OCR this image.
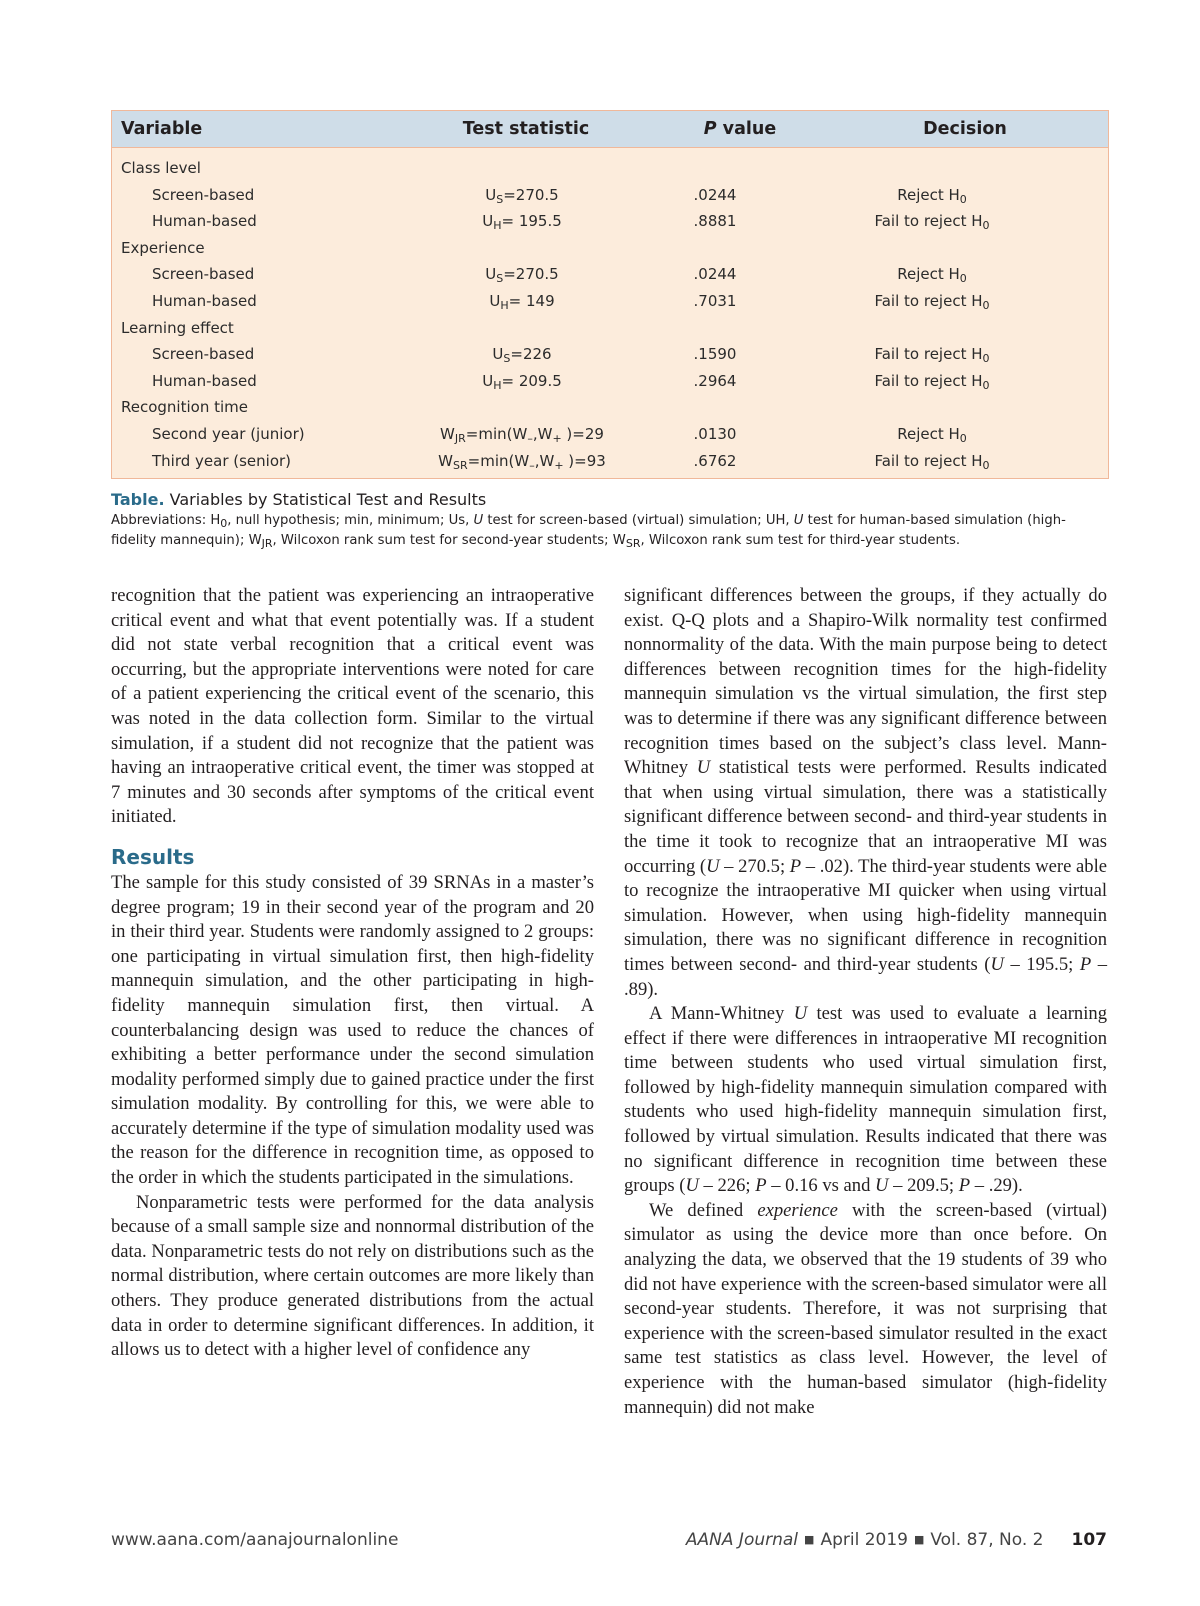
Variable	Test statistic	P value	Decision
Class level
Screen-based	$U_S=270.5$	.0244	Reject $H_0$
Human-based	$U_H= 195.5$	.8881	Fail to reject $H_0$
Experience
Screen-based	$U_S=270.5$	.0244	Reject $H_0$
Human-based	$U_H= 149$	.7031	Fail to reject $H_0$
Learning effect
Screen-based	$U_S=226$	.1590	Fail to reject $H_0$
Human-based	$U_H= 209.5$	.2964	Fail to reject $H_0$
Recognition time
Second year (junior)	$W_{JR}=\min(W_-,W_+$ )=29	.0130	Reject $H_0$
Third year (senior)	$W_{SR}=\min(W_-,W_+$ )=93	.6762	Fail to reject $H_0$
Table. Variables by Statistical Test and Results
Abbreviations: $H_0$, null hypothesis; min, minimum; Us, U test for screen-based (virtual) simulation; UH, U test for human-based simulation (high-fidelity mannequin); $W_{JR}$, Wilcoxon rank sum test for second-year students; $W_{SR}$, Wilcoxon rank sum test for third-year students.

recognition that the patient was experiencing an intraoperative critical event and what that event potentially was. If a student did not state verbal recognition that a critical event was occurring, but the appropriate interventions were noted for care of a patient experiencing the critical event of the scenario, this was noted in the data collection form. Similar to the virtual simulation, if a student did not recognize that the patient was having an intraoperative critical event, the timer was stopped at 7 minutes and 30 seconds after symptoms of the critical event initiated.

Results

The sample for this study consisted of 39 SRNAs in a master’s degree program; 19 in their second year of the program and 20 in their third year. Students were randomly assigned to 2 groups: one participating in virtual simulation first, then high-fidelity mannequin simulation, and the other participating in high-fidelity mannequin simulation first, then virtual. A counterbalancing design was used to reduce the chances of exhibiting a better performance under the second simulation modality performed simply due to gained practice under the first simulation modality. By controlling for this, we were able to accurately determine if the type of simulation modality used was the reason for the difference in recognition time, as opposed to the order in which the students participated in the simulations.

Nonparametric tests were performed for the data analysis because of a small sample size and nonnormal distribution of the data. Nonparametric tests do not rely on distributions such as the normal distribution, where certain outcomes are more likely than others. They produce generated distributions from the actual data in order to determine significant differences. In addition, it allows us to detect with a higher level of confidence any

significant differences between the groups, if they actually do exist. Q-Q plots and a Shapiro-Wilk normality test confirmed nonnormality of the data. With the main purpose being to detect differences between recognition times for the high-fidelity mannequin simulation vs the virtual simulation, the first step was to determine if there was any significant difference between recognition times based on the subject’s class level. Mann-Whitney U statistical tests were performed. Results indicated that when using virtual simulation, there was a statistically significant difference between second- and third-year students in the time it took to recognize that an intraoperative MI was occurring (U – 270.5; P – .02). The third-year students were able to recognize the intraoperative MI quicker when using virtual simulation. However, when using high-fidelity mannequin simulation, there was no significant difference in recognition times between second- and third-year students (U – 195.5; P – .89).

A Mann-Whitney U test was used to evaluate a learning effect if there were differences in intraoperative MI recognition time between students who used virtual simulation first, followed by high-fidelity mannequin simulation compared with students who used high-fidelity mannequin simulation first, followed by virtual simulation. Results indicated that there was no significant difference in recognition time between these groups (U – 226; P – 0.16 vs and U – 209.5; P – .29).

We defined experience with the screen-based (virtual) simulator as using the device more than once before. On analyzing the data, we observed that the 19 students of 39 who did not have experience with the screen-based simulator were all second-year students. Therefore, it was not surprising that experience with the screen-based simulator resulted in the exact same test statistics as class level. However, the level of experience with the human-based simulator (high-fidelity mannequin) did not make

www.aana.com/aanajournalonline	AANA Journal ■ April 2019 ■ Vol. 87, No. 2 107
